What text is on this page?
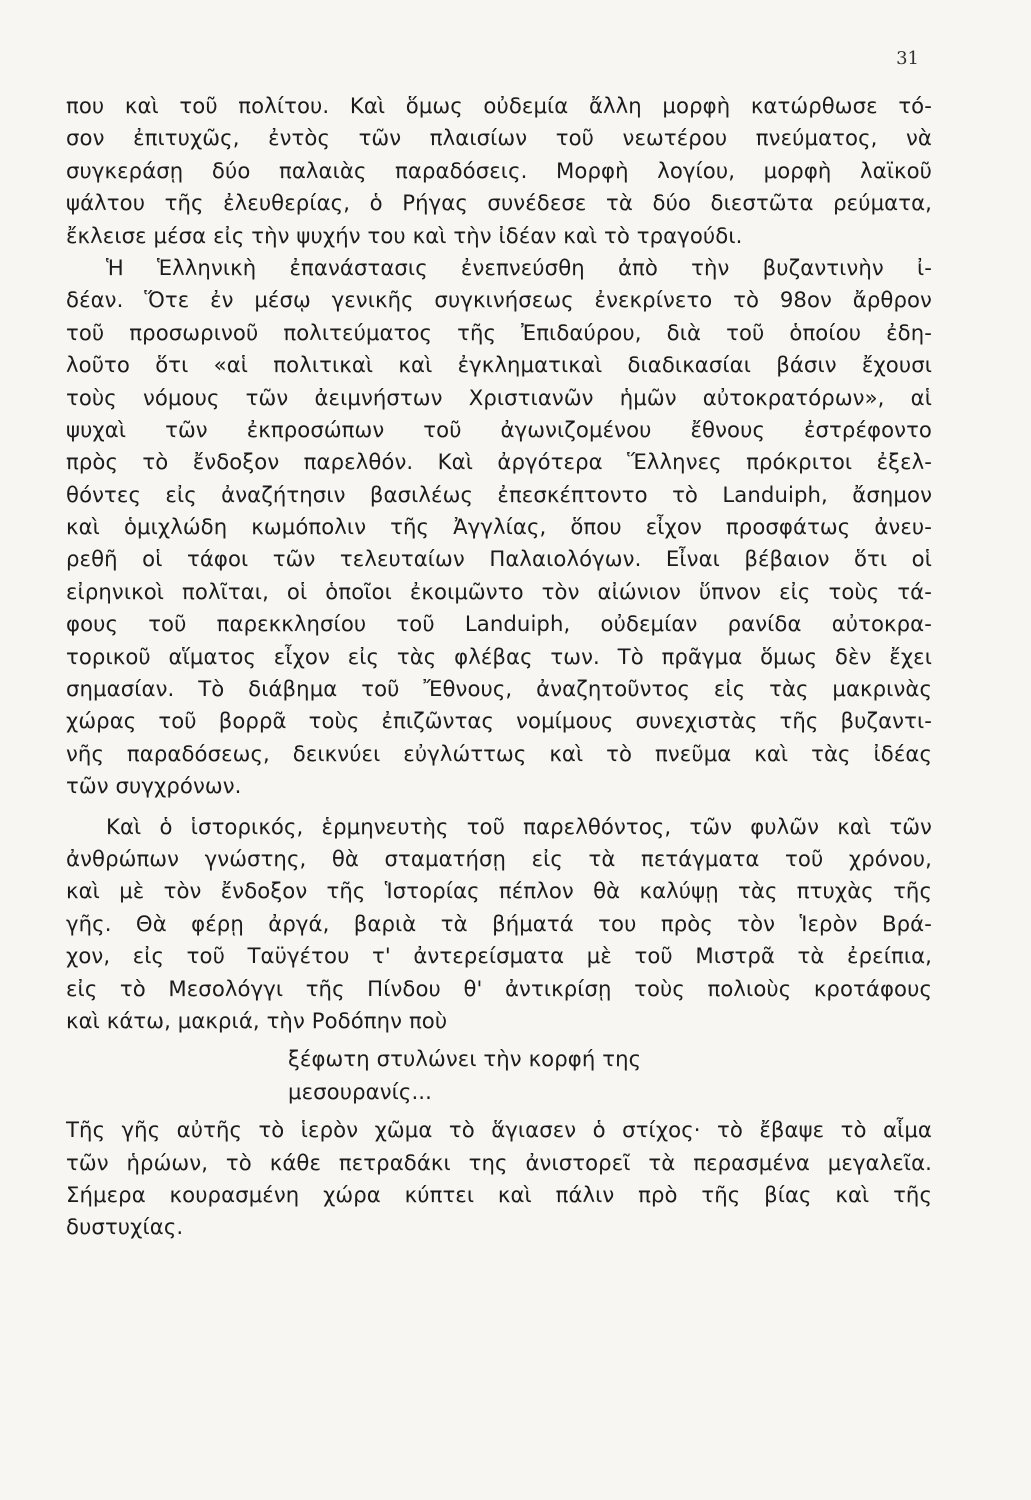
31
που καὶ τοῦ πολίτου. Καὶ ὅμως οὐδεμία ἄλλη μορφὴ κατώρθωσε τό-
σον ἐπιτυχῶς, ἐντὸς τῶν πλαισίων τοῦ νεωτέρου πνεύματος, νὰ
συγκεράσῃ δύο παλαιὰς παραδόσεις. Μορφὴ λογίου, μορφὴ λαϊκοῦ
ψάλτου τῆς ἐλευθερίας, ὁ Ρήγας συνέδεσε τὰ δύο διεστῶτα ρεύματα,
ἔκλεισε μέσα εἰς τὴν ψυχήν του καὶ τὴν ἰδέαν καὶ τὸ τραγούδι.
Ἡ Ἑλληνικὴ ἐπανάστασις ἐνεπνεύσθη ἀπὸ τὴν βυζαντινὴν ἰ-
δέαν. Ὅτε ἐν μέσῳ γενικῆς συγκινήσεως ἐνεκρίνετο τὸ 98ον ἄρθρον
τοῦ προσωρινοῦ πολιτεύματος τῆς Ἐπιδαύρου, διὰ τοῦ ὁποίου ἐδη-
λοῦτο ὅτι «αἱ πολιτικαὶ καὶ ἐγκληματικαὶ διαδικασίαι βάσιν ἔχουσι
τοὺς νόμους τῶν ἀειμνήστων Χριστιανῶν ἡμῶν αὐτοκρατόρων», αἱ
ψυχαὶ τῶν ἐκπροσώπων τοῦ ἀγωνιζομένου ἔθνους ἐστρέφοντο
πρὸς τὸ ἔνδοξον παρελθόν. Καὶ ἀργότερα Ἕλληνες πρόκριτοι ἐξελ-
θόντες εἰς ἀναζήτησιν βασιλέως ἐπεσκέπτοντο τὸ Landuiph, ἄσημον
καὶ ὁμιχλώδη κωμόπολιν τῆς Ἀγγλίας, ὅπου εἶχον προσφάτως ἀνευ-
ρεθῆ οἱ τάφοι τῶν τελευταίων Παλαιολόγων. Εἶναι βέβαιον ὅτι οἱ
εἰρηνικοὶ πολῖται, οἱ ὁποῖοι ἐκοιμῶντο τὸν αἰώνιον ὕπνον εἰς τοὺς τά-
φους τοῦ παρεκκλησίου τοῦ Landuiph, οὐδεμίαν ρανίδα αὐτοκρα-
τορικοῦ αἵματος εἶχον εἰς τὰς φλέβας των. Τὸ πρᾶγμα ὅμως δὲν ἔχει
σημασίαν. Τὸ διάβημα τοῦ Ἔθνους, ἀναζητοῦντος εἰς τὰς μακρινὰς
χώρας τοῦ βορρᾶ τοὺς ἐπιζῶντας νομίμους συνεχιστὰς τῆς βυζαντι-
νῆς παραδόσεως, δεικνύει εὐγλώττως καὶ τὸ πνεῦμα καὶ τὰς ἰδέας
τῶν συγχρόνων.
Καὶ ὁ ἱστορικός, ἑρμηνευτὴς τοῦ παρελθόντος, τῶν φυλῶν καὶ τῶν
ἀνθρώπων γνώστης, θὰ σταματήσῃ εἰς τὰ πετάγματα τοῦ χρόνου,
καὶ μὲ τὸν ἔνδοξον τῆς Ἱστορίας πέπλον θὰ καλύψῃ τὰς πτυχὰς τῆς
γῆς. Θὰ φέρῃ ἀργά, βαριὰ τὰ βήματά του πρὸς τὸν Ἱερὸν Βρά-
χον, εἰς τοῦ Ταϋγέτου τ' ἀντερείσματα μὲ τοῦ Μιστρᾶ τὰ ἐρείπια,
εἰς τὸ Μεσολόγγι τῆς Πίνδου θ' ἀντικρίσῃ τοὺς πολιοὺς κροτάφους
καὶ κάτω, μακριά, τὴν Ροδόπην ποὺ
ξέφωτη στυλώνει τὴν κορφή της
μεσουρανίς...
Τῆς γῆς αὐτῆς τὸ ἱερὸν χῶμα τὸ ἅγιασεν ὁ στίχος· τὸ ἔβαψε τὸ αἷμα
τῶν ἡρώων, τὸ κάθε πετραδάκι της ἀνιστορεῖ τὰ περασμένα μεγαλεῖα.
Σήμερα κουρασμένη χώρα κύπτει καὶ πάλιν πρὸ τῆς βίας καὶ τῆς
δυστυχίας.
